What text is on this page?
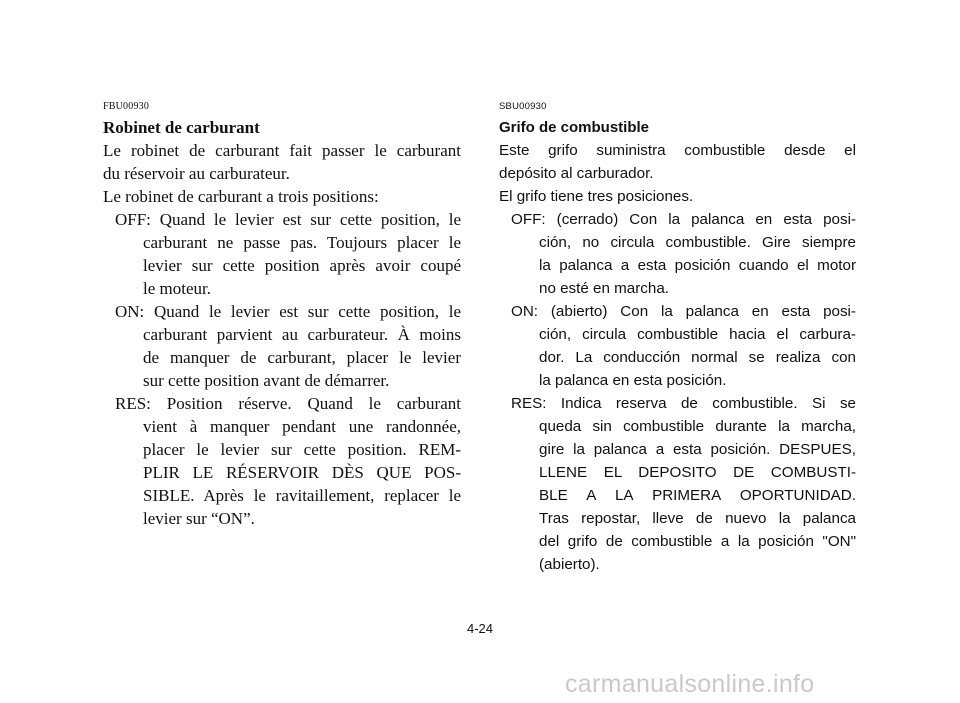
FBU00930
Robinet de carburant
Le robinet de carburant fait passer le carburant
du réservoir au carburateur.
Le robinet de carburant a trois positions:
OFF: Quand le levier est sur cette position, le
carburant ne passe pas. Toujours placer le
levier sur cette position après avoir coupé
le moteur.
ON: Quand le levier est sur cette position, le
carburant parvient au carburateur. À moins
de manquer de carburant, placer le levier
sur cette position avant de démarrer.
RES: Position réserve. Quand le carburant
vient à manquer pendant une randonnée,
placer le levier sur cette position. REM-
PLIR LE RÉSERVOIR DÈS QUE POS-
SIBLE. Après le ravitaillement, replacer le
levier sur “ON”.
SBU00930
Grifo de combustible
Este grifo suministra combustible desde el
depósito al carburador.
El grifo tiene tres posiciones.
OFF: (cerrado) Con la palanca en esta posi-
ción, no circula combustible. Gire siempre
la palanca a esta posición cuando el motor
no esté en marcha.
ON: (abierto) Con la palanca en esta posi-
ción, circula combustible hacia el carbura-
dor. La conducción normal se realiza con
la palanca en esta posición.
RES: Indica reserva de combustible. Si se
queda sin combustible durante la marcha,
gire la palanca a esta posición. DESPUES,
LLENE EL DEPOSITO DE COMBUSTI-
BLE A LA PRIMERA OPORTUNIDAD.
Tras repostar, lleve de nuevo la palanca
del grifo de combustible a la posición "ON"
(abierto).
4-24
carmanualsonline.info
